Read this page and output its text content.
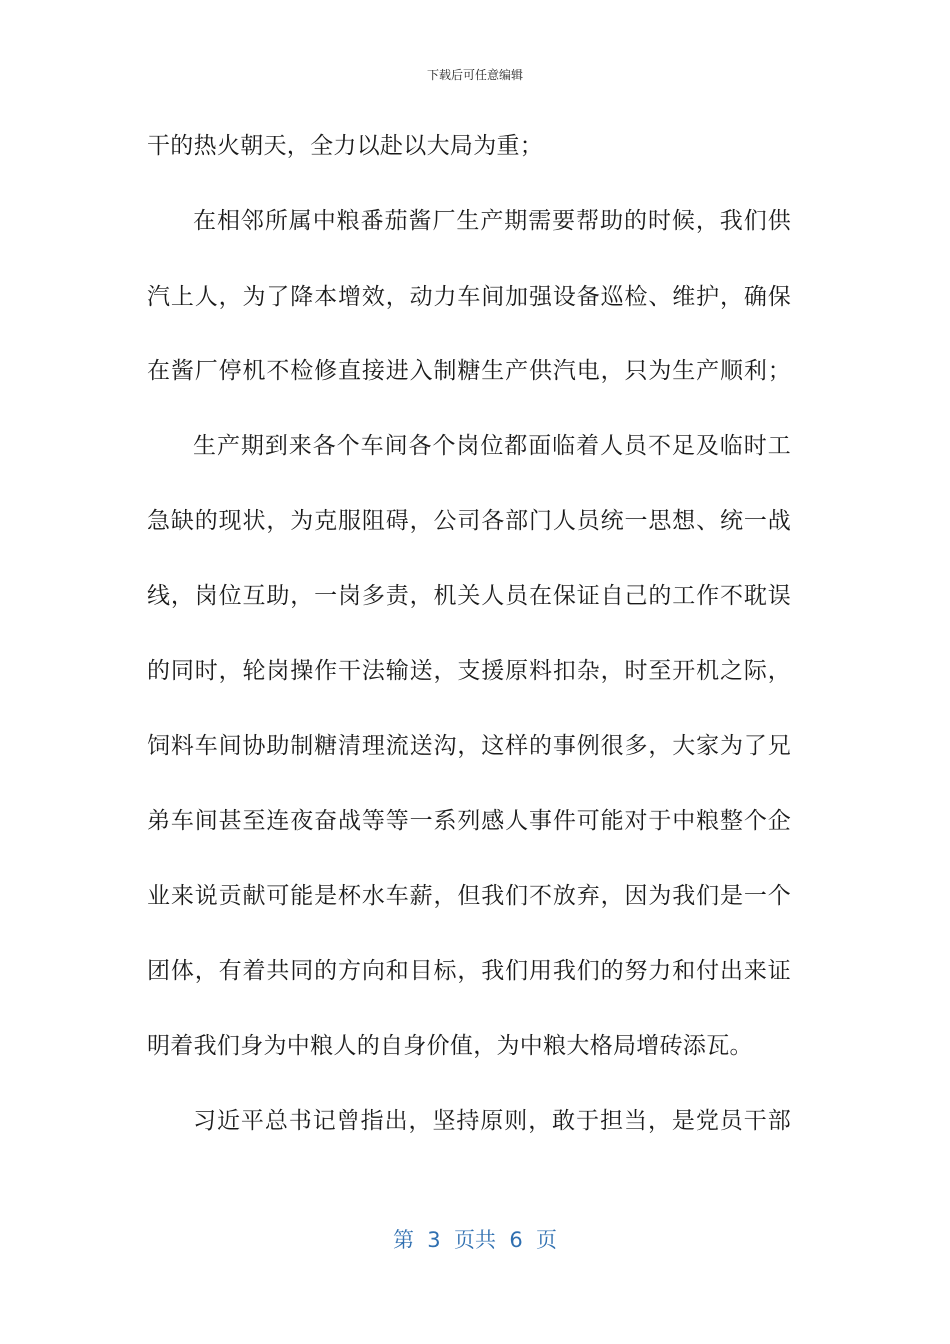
下载后可任意编辑
干的热火朝天，全力以赴以大局为重；
在相邻所属中粮番茄酱厂生产期需要帮助的时候，我们供
汽上人，为了降本增效，动力车间加强设备巡检、维护，确保
在酱厂停机不检修直接进入制糖生产供汽电，只为生产顺利；
生产期到来各个车间各个岗位都面临着人员不足及临时工
急缺的现状，为克服阻碍，公司各部门人员统一思想、统一战
线，岗位互助，一岗多责，机关人员在保证自己的工作不耽误
的同时，轮岗操作干法输送，支援原料扣杂，时至开机之际，
饲料车间协助制糖清理流送沟，这样的事例很多，大家为了兄
弟车间甚至连夜奋战等等一系列感人事件可能对于中粮整个企
业来说贡献可能是杯水车薪，但我们不放弃，因为我们是一个
团体，有着共同的方向和目标，我们用我们的努力和付出来证
明着我们身为中粮人的自身价值，为中粮大格局增砖添瓦。
习近平总书记曾指出，坚持原则，敢于担当，是党员干部
第  3  页共  6  页
